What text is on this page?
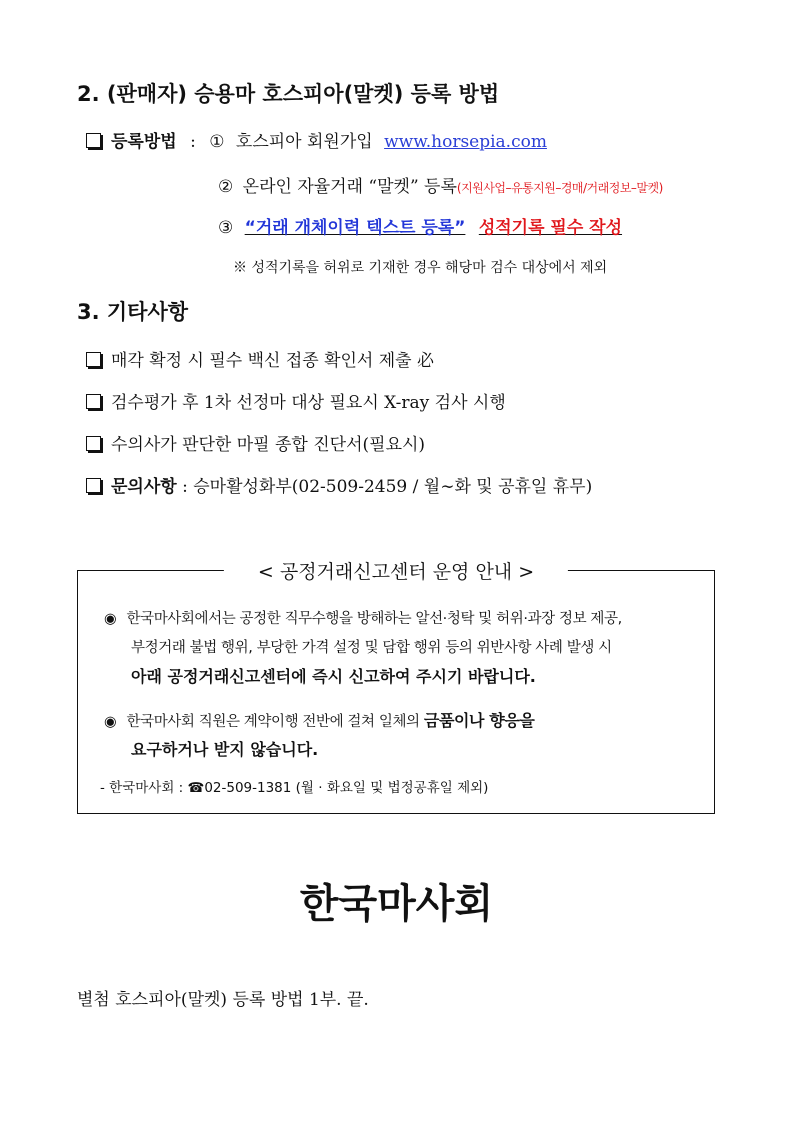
2. (판매자) 승용마 호스피아(말켓) 등록 방법
등록방법 : ① 호스피아 회원가입 www.horsepia.com
② 온라인 자율거래 “말켓” 등록(지원사업–유통지원–경매/거래정보–말켓)
③ “거래 개체이력 텍스트 등록” 성적기록 필수 작성
※ 성적기록을 허위로 기재한 경우 해당마 검수 대상에서 제외
3. 기타사항
매각 확정 시 필수 백신 접종 확인서 제출 必
검수평가 후 1차 선정마 대상 필요시 X-ray 검사 시행
수의사가 판단한 마필 종합 진단서(필요시)
문의사항 : 승마활성화부(02-509-2459 / 월∼화 및 공휴일 휴무)
< 공정거래신고센터 운영 안내 >
◉ 한국마사회에서는 공정한 직무수행을 방해하는 알선·청탁 및 허위·과장 정보 제공,
부정거래 불법 행위, 부당한 가격 설정 및 담합 행위 등의 위반사항 사례 발생 시
아래 공정거래신고센터에 즉시 신고하여 주시기 바랍니다.
◉ 한국마사회 직원은 계약이행 전반에 걸쳐 일체의 금품이나 향응을
요구하거나 받지 않습니다.
- 한국마사회 : ☎02-509-1381 (월 · 화요일 및 법정공휴일 제외)
한국마사회
별첨 호스피아(말켓) 등록 방법 1부. 끝.
